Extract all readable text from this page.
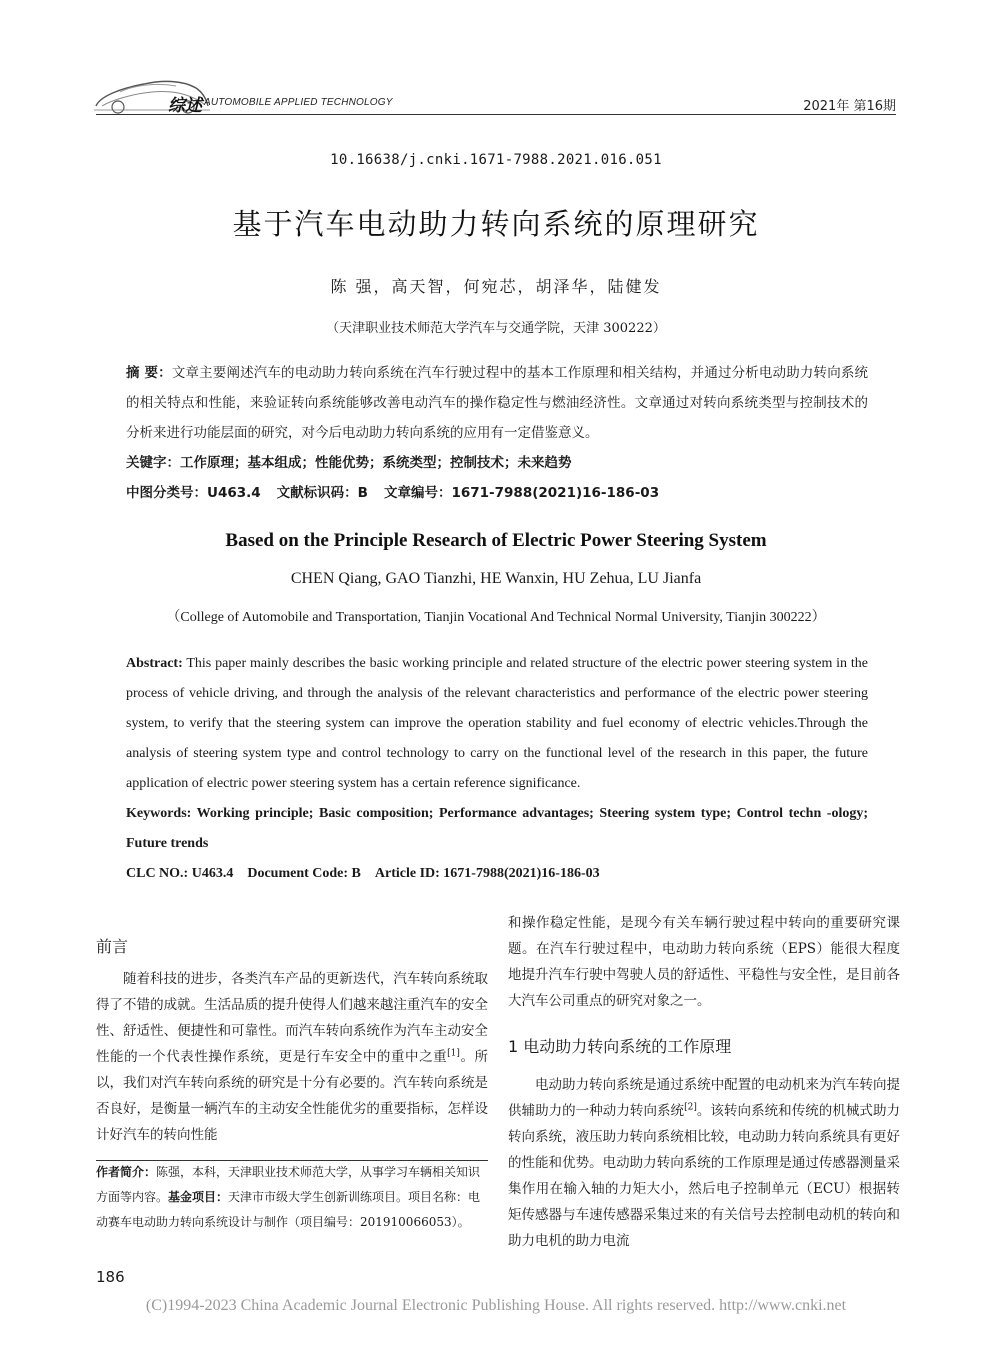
综述 AUTOMOBILE APPLIED TECHNOLOGY	2021年 第16期
10.16638/j.cnki.1671-7988.2021.016.051
基于汽车电动助力转向系统的原理研究
陈 强，高天智，何宛芯，胡泽华，陆健发
（天津职业技术师范大学汽车与交通学院，天津 300222）
摘 要：文章主要阐述汽车的电动助力转向系统在汽车行驶过程中的基本工作原理和相关结构，并通过分析电动助力转向系统的相关特点和性能，来验证转向系统能够改善电动汽车的操作稳定性与燃油经济性。文章通过对转向系统类型与控制技术的分析来进行功能层面的研究，对今后电动助力转向系统的应用有一定借鉴意义。
关键字：工作原理；基本组成；性能优势；系统类型；控制技术；未来趋势
中图分类号：U463.4 文献标识码：B 文章编号：1671-7988(2021)16-186-03
Based on the Principle Research of Electric Power Steering System
CHEN Qiang, GAO Tianzhi, HE Wanxin, HU Zehua, LU Jianfa
（College of Automobile and Transportation, Tianjin Vocational And Technical Normal University, Tianjin 300222）
Abstract: This paper mainly describes the basic working principle and related structure of the electric power steering system in the process of vehicle driving, and through the analysis of the relevant characteristics and performance of the electric power steering system, to verify that the steering system can improve the operation stability and fuel economy of electric vehicles.Through the analysis of steering system type and control technology to carry on the functional level of the research in this paper, the future application of electric power steering system has a certain reference significance.
Keywords: Working principle; Basic composition; Performance advantages; Steering system type; Control techn -ology; Future trends
CLC NO.: U463.4 Document Code: B Article ID: 1671-7988(2021)16-186-03
前言

随着科技的进步，各类汽车产品的更新迭代，汽车转向系统取得了不错的成就。生活品质的提升使得人们越来越注重汽车的安全性、舒适性、便捷性和可靠性。而汽车转向系统作为汽车主动安全性能的一个代表性操作系统，更是行车安全中的重中之重[1]。所以，我们对汽车转向系统的研究是十分有必要的。汽车转向系统是否良好，是衡量一辆汽车的主动安全性能优劣的重要指标，怎样设计好汽车的转向性能

和操作稳定性能，是现今有关车辆行驶过程中转向的重要研究课题。在汽车行驶过程中，电动助力转向系统（EPS）能很大程度地提升汽车行驶中驾驶人员的舒适性、平稳性与安全性，是目前各大汽车公司重点的研究对象之一。

1 电动助力转向系统的工作原理

电动助力转向系统是通过系统中配置的电动机来为汽车转向提供辅助力的一种动力转向系统[2]。该转向系统和传统的机械式助力转向系统，液压助力转向系统相比较，电动助力转向系统具有更好的性能和优势。电动助力转向系统的工作原理是通过传感器测量采集作用在输入轴的力矩大小，然后电子控制单元（ECU）根据转矩传感器与车速传感器采集过来的有关信号去控制电动机的转向和助力电机的助力电流

作者简介：陈强，本科，天津职业技术师范大学，从事学习车辆相关知识方面等内容。基金项目：天津市市级大学生创新训练项目。项目名称：电动赛车电动助力转向系统设计与制作（项目编号：201910066053）。
186
(C)1994-2023 China Academic Journal Electronic Publishing House. All rights reserved. http://www.cnki.net
